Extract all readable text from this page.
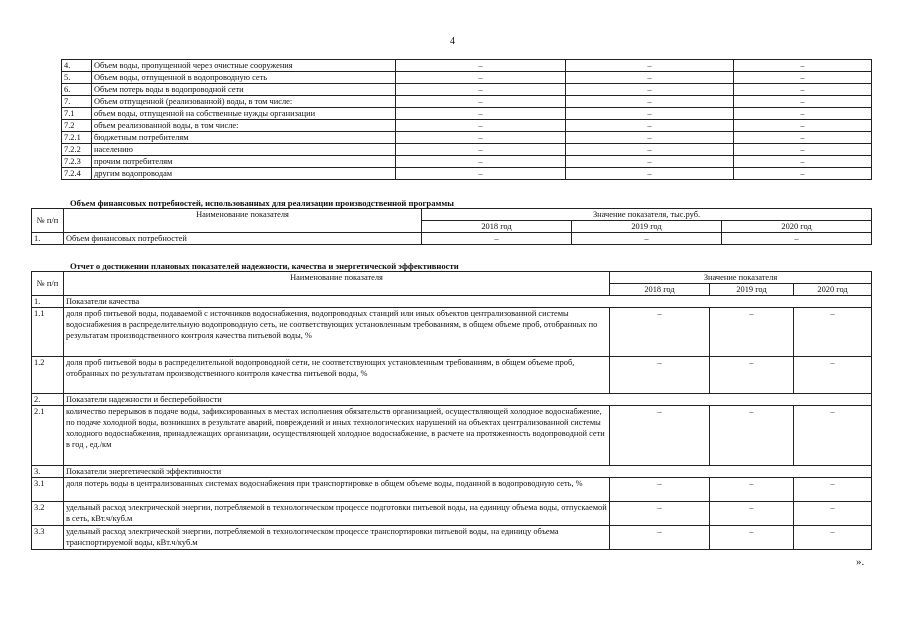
4
4.	Объем воды, пропущенной через очистные сооружения	–	–	–
5.	Объем воды, отпущенной в водопроводную сеть	–	–	–
6.	Объем потерь воды в водопроводной сети	–	–	–
7.	Объем отпущенной (реализованной) воды, в том числе:	–	–	–
7.1	объем воды, отпущенной на собственные нужды организации	–	–	–
7.2	объем реализованной воды, в том числе:	–	–	–
7.2.1	бюджетным потребителям	–	–	–
7.2.2	населению	–	–	–
7.2.3	прочим потребителям	–	–	–
7.2.4	другим водопроводам	–	–	–
Объем финансовых потребностей, использованных для реализации производственной программы
№ п/п	Наименование показателя	Значение показателя, тыс.руб.		
		2018 год	2019 год	2020 год
1.	Объем финансовых потребностей	–	–	–
Отчет о достижении плановых показателей надежности, качества и энергетической эффективности
№ п/п	Наименование показателя	Значение показателя		
		2018 год	2019 год	2020 год
1.	Показатели качества			
1.1	доля проб питьевой воды, подаваемой с источников водоснабжения, водопроводных станций или иных объектов централизованной системы водоснабжения в распределительную водопроводную сеть, не соответствующих установленным требованиям, в общем объеме проб, отобранных по результатам производственного контроля качества питьевой воды, %	–	–	–
1.2	доля проб питьевой воды в распределительной водопроводной сети, не соответствующих установленным требованиям, в общем объеме проб, отобранных по результатам производственного контроля качества питьевой воды, %	–	–	–
2.	Показатели надежности и бесперебойности			
2.1	количество перерывов в подаче воды, зафиксированных в местах исполнения обязательств организацией, осуществляющей холодное водоснабжение, по подаче холодной воды, возникших в результате аварий, повреждений и иных технологических нарушений на объектах централизованной системы холодного водоснабжения, принадлежащих организации, осуществляющей холодное водоснабжение, в расчете на протяженность водопроводной сети в год , ед./км	–	–	–
3.	Показатели энергетической эффективности			
3.1	доля потерь воды в централизованных системах водоснабжения при транспортировке в общем объеме воды, поданной в водопроводную сеть, %	–	–	–
3.2	удельный расход электрической энергии, потребляемой в технологическом процессе подготовки питьевой воды, на единицу объема воды, отпускаемой в сеть, кВт.ч/куб.м	–	–	–
3.3	удельный расход электрической энергии, потребляемой в технологическом процессе транспортировки питьевой воды, на единицу объема транспортируемой воды, кВт.ч/куб.м	–	–	–
».
